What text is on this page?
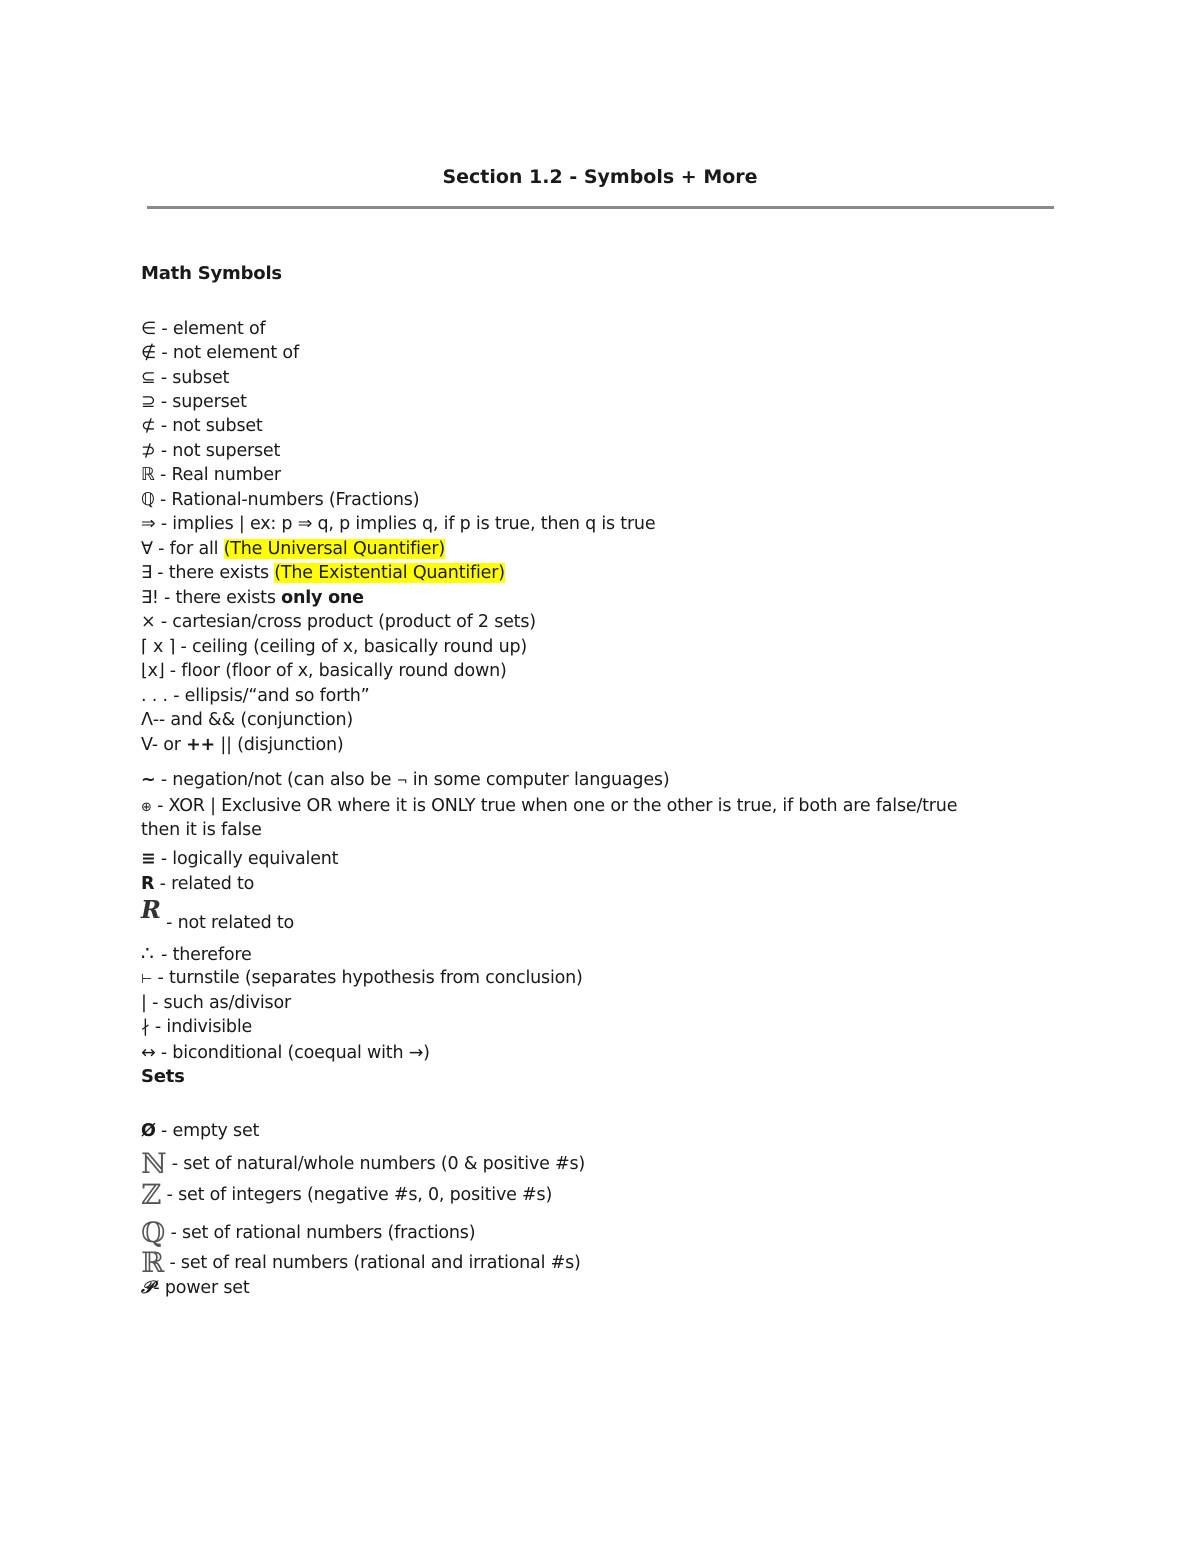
Section 1.2 - Symbols + More
Math Symbols
∈ - element of
∉ - not element of
⊆ - subset
⊇ - superset
⊄ - not subset
⊅ - not superset
ℝ - Real number
ℚ - Rational-numbers (Fractions)
⇒ - implies | ex: p ⇒ q, p implies q, if p is true, then q is true
∀ - for all (The Universal Quantifier)
∃ - there exists (The Existential Quantifier)
∃! - there exists only one
× - cartesian/cross product (product of 2 sets)
⌈ x ⌉ - ceiling (ceiling of x, basically round up)
⌊x⌋ - floor (floor of x, basically round down)
. . . - ellipsis/“and so forth”
Λ-- and && (conjunction)
V- or ++ || (disjunction)
~ - negation/not (can also be ¬ in some computer languages)
⊕ - XOR | Exclusive OR where it is ONLY true when one or the other is true, if both are false/true
then it is false
≡ - logically equivalent
R - related to
R - not related to
∴ - therefore
⊢ - turnstile (separates hypothesis from conclusion)
| - such as/divisor
∤ - indivisible
↔ - biconditional (coequal with →)
Sets
Ø - empty set
ℕ - set of natural/whole numbers (0 & positive #s)
ℤ - set of integers (negative #s, 0, positive #s)
ℚ - set of rational numbers (fractions)
ℝ - set of real numbers (rational and irrational #s)
𝒫- power set
